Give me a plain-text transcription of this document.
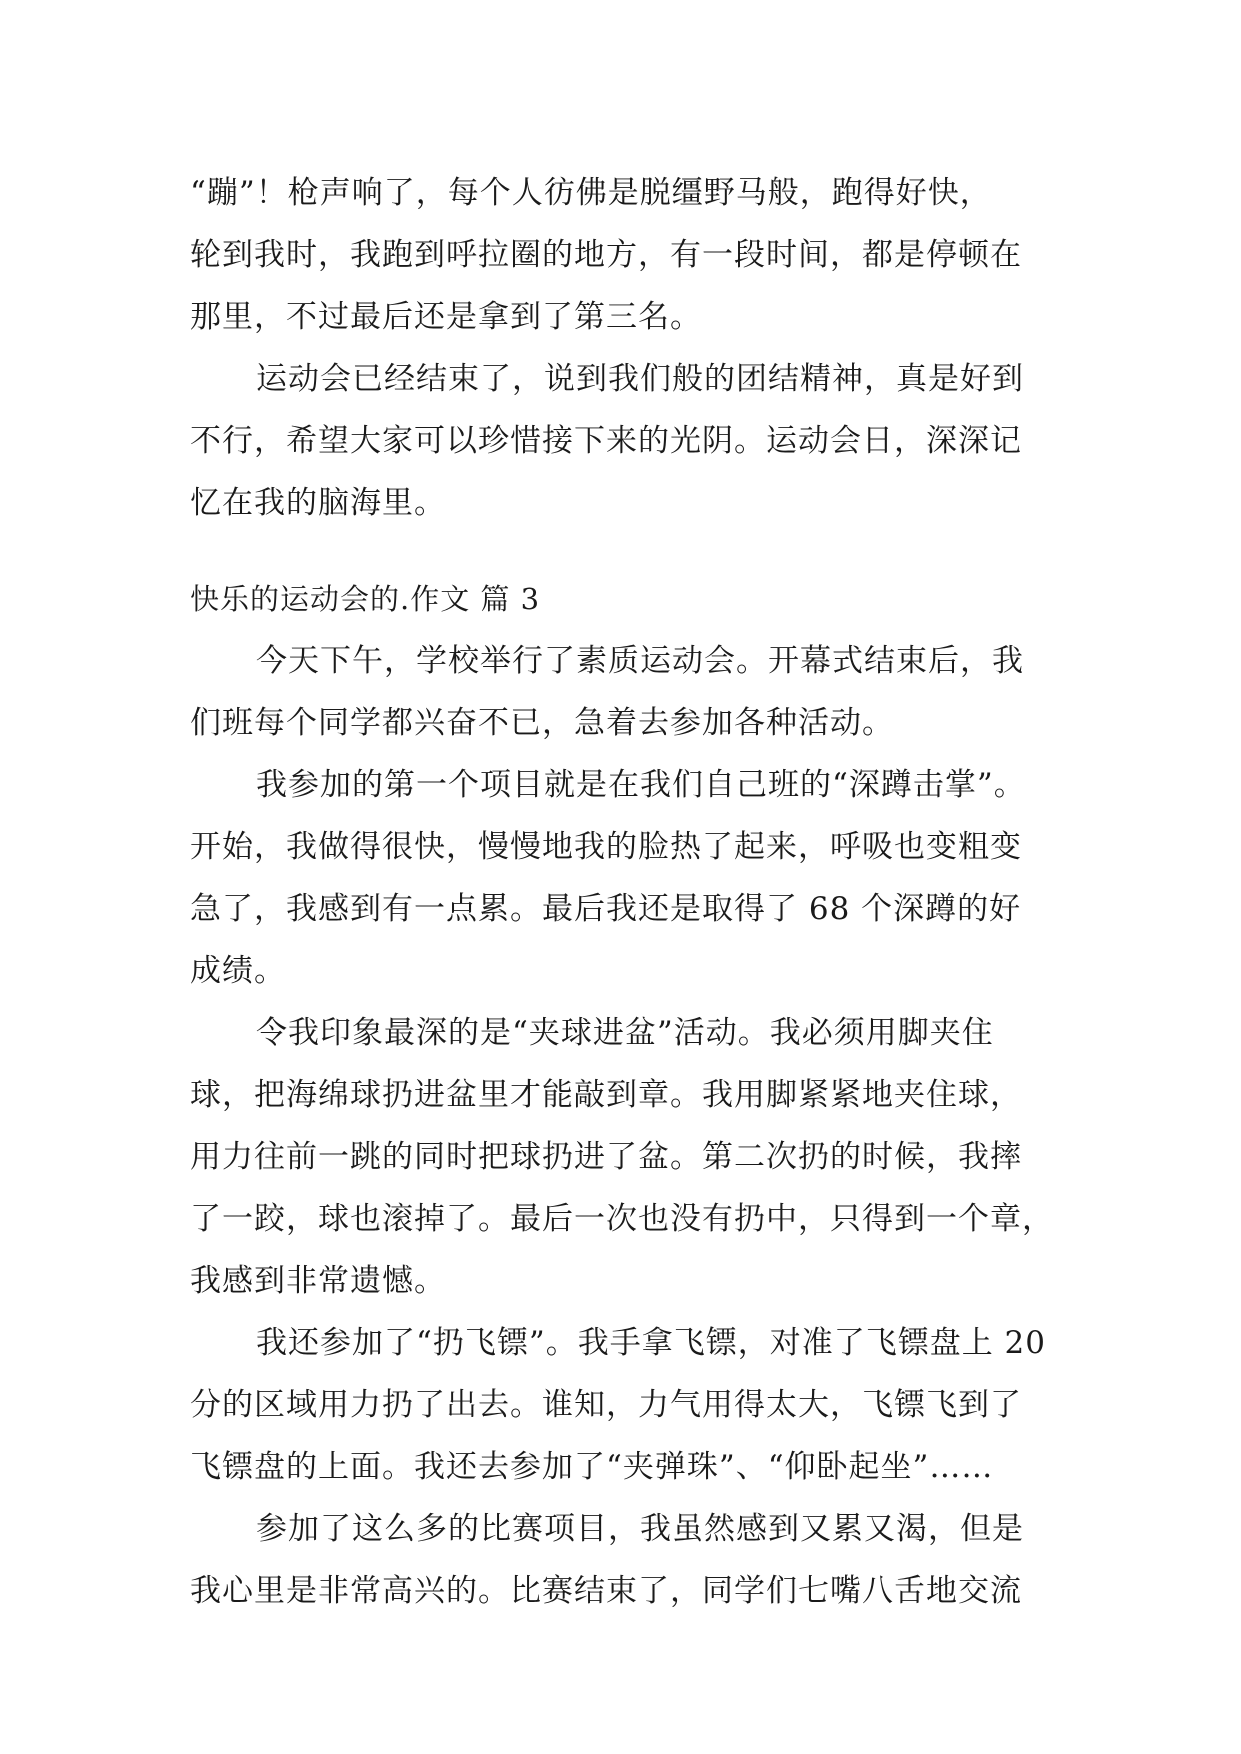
“蹦”！枪声响了，每个人彷佛是脱缰野马般，跑得好快，
轮到我时，我跑到呼拉圈的地方，有一段时间，都是停顿在
那里，不过最后还是拿到了第三名。
运动会已经结束了，说到我们般的团结精神，真是好到
不行，希望大家可以珍惜接下来的光阴。运动会日，深深记
忆在我的脑海里。
快乐的运动会的.作文 篇 3
今天下午，学校举行了素质运动会。开幕式结束后，我
们班每个同学都兴奋不已，急着去参加各种活动。
我参加的第一个项目就是在我们自己班的“深蹲击掌”。
开始，我做得很快，慢慢地我的脸热了起来，呼吸也变粗变
急了，我感到有一点累。最后我还是取得了 68 个深蹲的好
成绩。
令我印象最深的是“夹球进盆”活动。我必须用脚夹住
球，把海绵球扔进盆里才能敲到章。我用脚紧紧地夹住球，
用力往前一跳的同时把球扔进了盆。第二次扔的时候，我摔
了一跤，球也滚掉了。最后一次也没有扔中，只得到一个章，
我感到非常遗憾。
我还参加了“扔飞镖”。我手拿飞镖，对准了飞镖盘上 20
分的区域用力扔了出去。谁知，力气用得太大，飞镖飞到了
飞镖盘的上面。我还去参加了“夹弹珠”、“仰卧起坐”……
参加了这么多的比赛项目，我虽然感到又累又渴，但是
我心里是非常高兴的。比赛结束了，同学们七嘴八舌地交流
